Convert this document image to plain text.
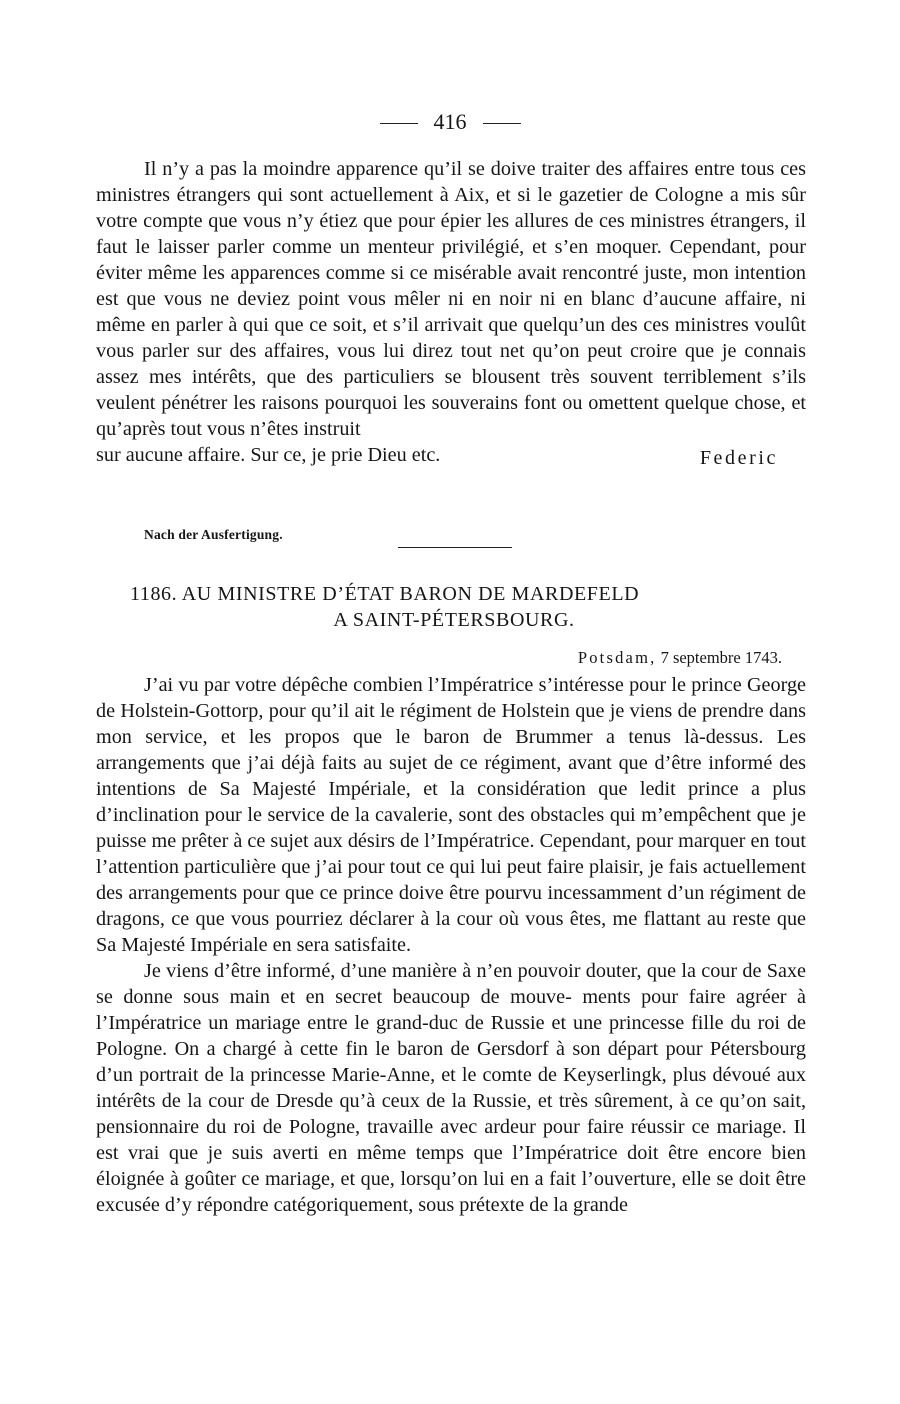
416

Il n’y a pas la moindre apparence qu’il se doive traiter des affaires entre tous ces ministres étrangers qui sont actuellement à Aix, et si le gazetier de Cologne a mis sûr votre compte que vous n’y étiez que pour épier les allures de ces ministres étrangers, il faut le laisser parler comme un menteur privilégié, et s’en moquer. Cependant, pour éviter même les apparences comme si ce misérable avait rencontré juste, mon intention est que vous ne deviez point vous mêler ni en noir ni en blanc d’aucune affaire, ni même en parler à qui que ce soit, et s’il arrivait que quelqu’un des ces ministres voulût vous parler sur des affaires, vous lui direz tout net qu’on peut croire que je connais assez mes intérêts, que des particuliers se blousent très souvent terriblement s’ils veulent pénétrer les raisons pourquoi les souverains font ou omettent quelque chose, et qu’après tout vous n’êtes instruit

sur aucune affaire. Sur ce, je prie Dieu etc.	Federic
Nach der Ausfertigung.
1186. AU MINISTRE D’ÉTAT BARON DE MARDEFELD
A SAINT-PÉTERSBOURG.
Potsdam, 7 septembre 1743.

J’ai vu par votre dépêche combien l’Impératrice s’intéresse pour le prince George de Holstein-Gottorp, pour qu’il ait le régiment de Holstein que je viens de prendre dans mon service, et les propos que le baron de Brummer a tenus là-dessus. Les arrangements que j’ai déjà faits au sujet de ce régiment, avant que d’être informé des intentions de Sa Majesté Impériale, et la considération que ledit prince a plus d’inclination pour le service de la cavalerie, sont des obstacles qui m’empêchent que je puisse me prêter à ce sujet aux désirs de l’Impératrice. Cependant, pour marquer en tout l’attention particulière que j’ai pour tout ce qui lui peut faire plaisir, je fais actuellement des arrangements pour que ce prince doive être pourvu incessamment d’un régiment de dragons, ce que vous pourriez déclarer à la cour où vous êtes, me flattant au reste que Sa Majesté Impériale en sera satisfaite.

Je viens d’être informé, d’une manière à n’en pouvoir douter, que la cour de Saxe se donne sous main et en secret beaucoup de mouve- ments pour faire agréer à l’Impératrice un mariage entre le grand-duc de Russie et une princesse fille du roi de Pologne. On a chargé à cette fin le baron de Gersdorf à son départ pour Pétersbourg d’un portrait de la princesse Marie-Anne, et le comte de Keyserlingk, plus dévoué aux intérêts de la cour de Dresde qu’à ceux de la Russie, et très sûrement, à ce qu’on sait, pensionnaire du roi de Pologne, travaille avec ardeur pour faire réussir ce mariage. Il est vrai que je suis averti en même temps que l’Impératrice doit être encore bien éloignée à goûter ce mariage, et que, lorsqu’on lui en a fait l’ouverture, elle se doit être excusée d’y répondre catégoriquement, sous prétexte de la grande
